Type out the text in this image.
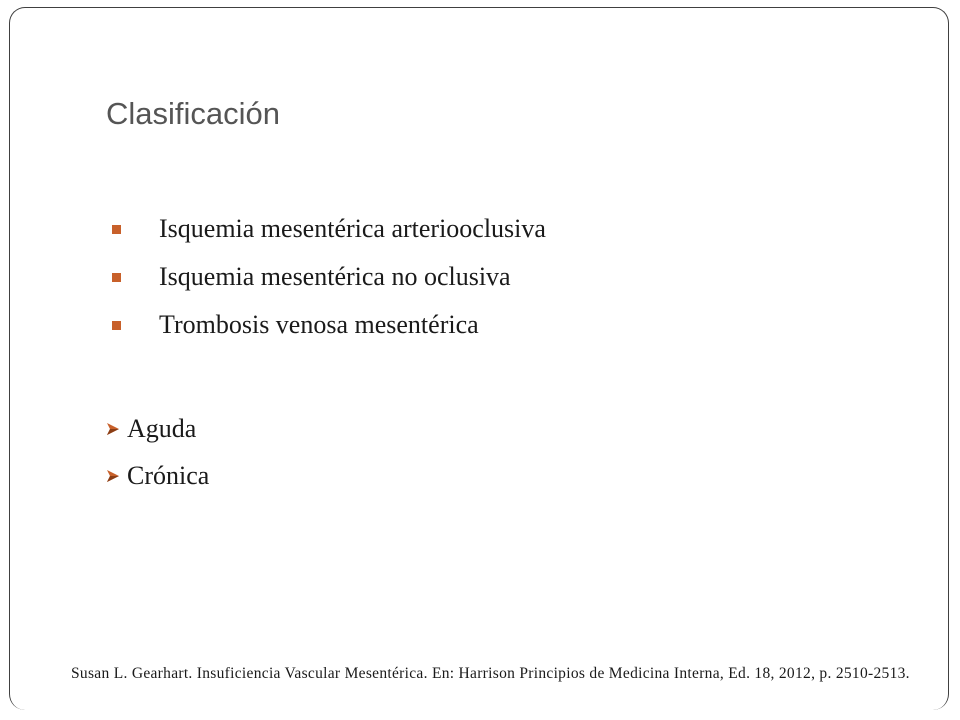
Clasificación
Isquemia mesentérica arteriooclusiva
Isquemia mesentérica no oclusiva
Trombosis venosa mesentérica
Aguda
Crónica
Susan L. Gearhart. Insuficiencia Vascular Mesentérica. En: Harrison Principios de Medicina Interna, Ed. 18, 2012, p. 2510-2513.
